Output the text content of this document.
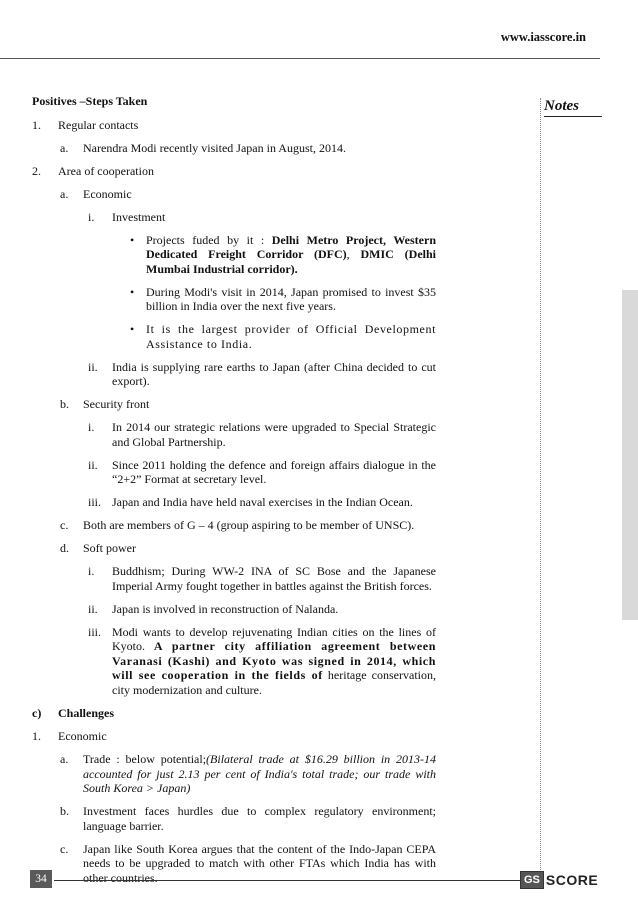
www.iasscore.in
Notes
Positives –Steps Taken
1. Regular contacts
a. Narendra Modi recently visited Japan in August, 2014.
2. Area of cooperation
a. Economic
i. Investment
• Projects fuded by it : Delhi Metro Project, Western Dedicated Freight Corridor (DFC), DMIC (Delhi Mumbai Industrial corridor).
• During Modi's visit in 2014, Japan promised to invest $35 billion in India over the next five years.
• It is the largest provider of Official Development Assistance to India.
ii. India is supplying rare earths to Japan (after China decided to cut export).
b. Security front
i. In 2014 our strategic relations were upgraded to Special Strategic and Global Partnership.
ii. Since 2011 holding the defence and foreign affairs dialogue in the “2+2” Format at secretary level.
iii. Japan and India have held naval exercises in the Indian Ocean.
c. Both are members of G – 4 (group aspiring to be member of UNSC).
d. Soft power
i. Buddhism; During WW-2 INA of SC Bose and the Japanese Imperial Army fought together in battles against the British forces.
ii. Japan is involved in reconstruction of Nalanda.
iii. Modi wants to develop rejuvenating Indian cities on the lines of Kyoto. A partner city affiliation agreement between Varanasi (Kashi) and Kyoto was signed in 2014, which will see cooperation in the fields of heritage conservation, city modernization and culture.
c) Challenges
1. Economic
a. Trade : below potential;(Bilateral trade at $16.29 billion in 2013-14 accounted for just 2.13 per cent of India's total trade; our trade with South Korea > Japan)
b. Investment faces hurdles due to complex regulatory environment; language barrier.
c. Japan like South Korea argues that the content of the Indo-Japan CEPA needs to be upgraded to match with other FTAs which India has with other countries.
34	GS SCORE
